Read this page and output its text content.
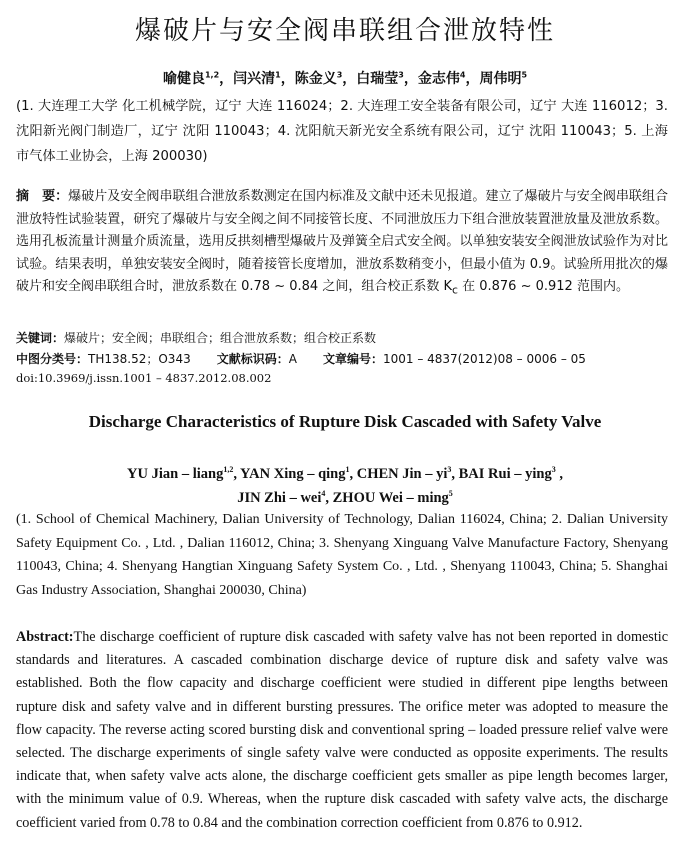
爆破片与安全阀串联组合泄放特性
喻健良$^{1,2}$，闫兴清$^1$，陈金义$^3$，白瑞莹$^3$，金志伟$^4$，周伟明$^5$
(1. 大连理工大学 化工机械学院，辽宁 大连 116024；2. 大连理工安全装备有限公司，辽宁 大连 116012；3. 沈阳新光阀门制造厂，辽宁 沈阳 110043；4. 沈阳航天新光安全系统有限公司，辽宁 沈阳 110043；5. 上海市气体工业协会，上海 200030)
摘　要：爆破片及安全阀串联组合泄放系数测定在国内标准及文献中还未见报道。建立了爆破片与安全阀串联组合泄放特性试验装置，研究了爆破片与安全阀之间不同接管长度、不同泄放压力下组合泄放装置泄放量及泄放系数。选用孔板流量计测量介质流量，选用反拱刻槽型爆破片及弹簧全启式安全阀。以单独安装安全阀泄放试验作为对比试验。结果表明，单独安装安全阀时，随着接管长度增加，泄放系数稍变小，但最小值为 0.9。试验所用批次的爆破片和安全阀串联组合时，泄放系数在 0.78 ~ 0.84 之间，组合校正系数 $K_c$ 在 0.876 ~ 0.912 范围内。
关键词：爆破片；安全阀；串联组合；组合泄放系数；组合校正系数
中图分类号：TH138.52；O343 文献标识码：A 文章编号：1001 – 4837(2012)08 – 0006 – 05
doi:10.3969/j.issn.1001 – 4837.2012.08.002
Discharge Characteristics of Rupture Disk Cascaded with Safety Valve
YU Jian – liang$^{1,2}$, YAN Xing – qing$^1$, CHEN Jin – $yi^3$, BAI Rui – ying$^3$ ,
JIN Zhi – wei$^4$, ZHOU Wei – ming$^5$
(1. School of Chemical Machinery, Dalian University of Technology, Dalian 116024, China; 2. Dalian University Safety Equipment Co. , Ltd. , Dalian 116012, China; 3. Shenyang Xinguang Valve Manufacture Factory, Shenyang 110043, China; 4. Shenyang Hangtian Xinguang Safety System Co. , Ltd. , Shenyang 110043, China; 5. Shanghai Gas Industry Association, Shanghai 200030, China)
Abstract:The discharge coefficient of rupture disk cascaded with safety valve has not been reported in domestic standards and literatures. A cascaded combination discharge device of rupture disk and safety valve was established. Both the flow capacity and discharge coefficient were studied in different pipe lengths between rupture disk and safety valve and in different bursting pressures. The orifice meter was adopted to measure the flow capacity. The reverse acting scored bursting disk and conventional spring – loaded pressure relief valve were selected. The discharge experiments of single safety valve were conducted as opposite experiments. The results indicate that, when safety valve acts alone, the discharge coefficient gets smaller as pipe length becomes larger, with the minimum value of 0.9. Whereas, when the rupture disk cascaded with safety valve acts, the discharge coefficient varied from 0.78 to 0.84 and the combination correction coefficient from 0.876 to 0.912.
